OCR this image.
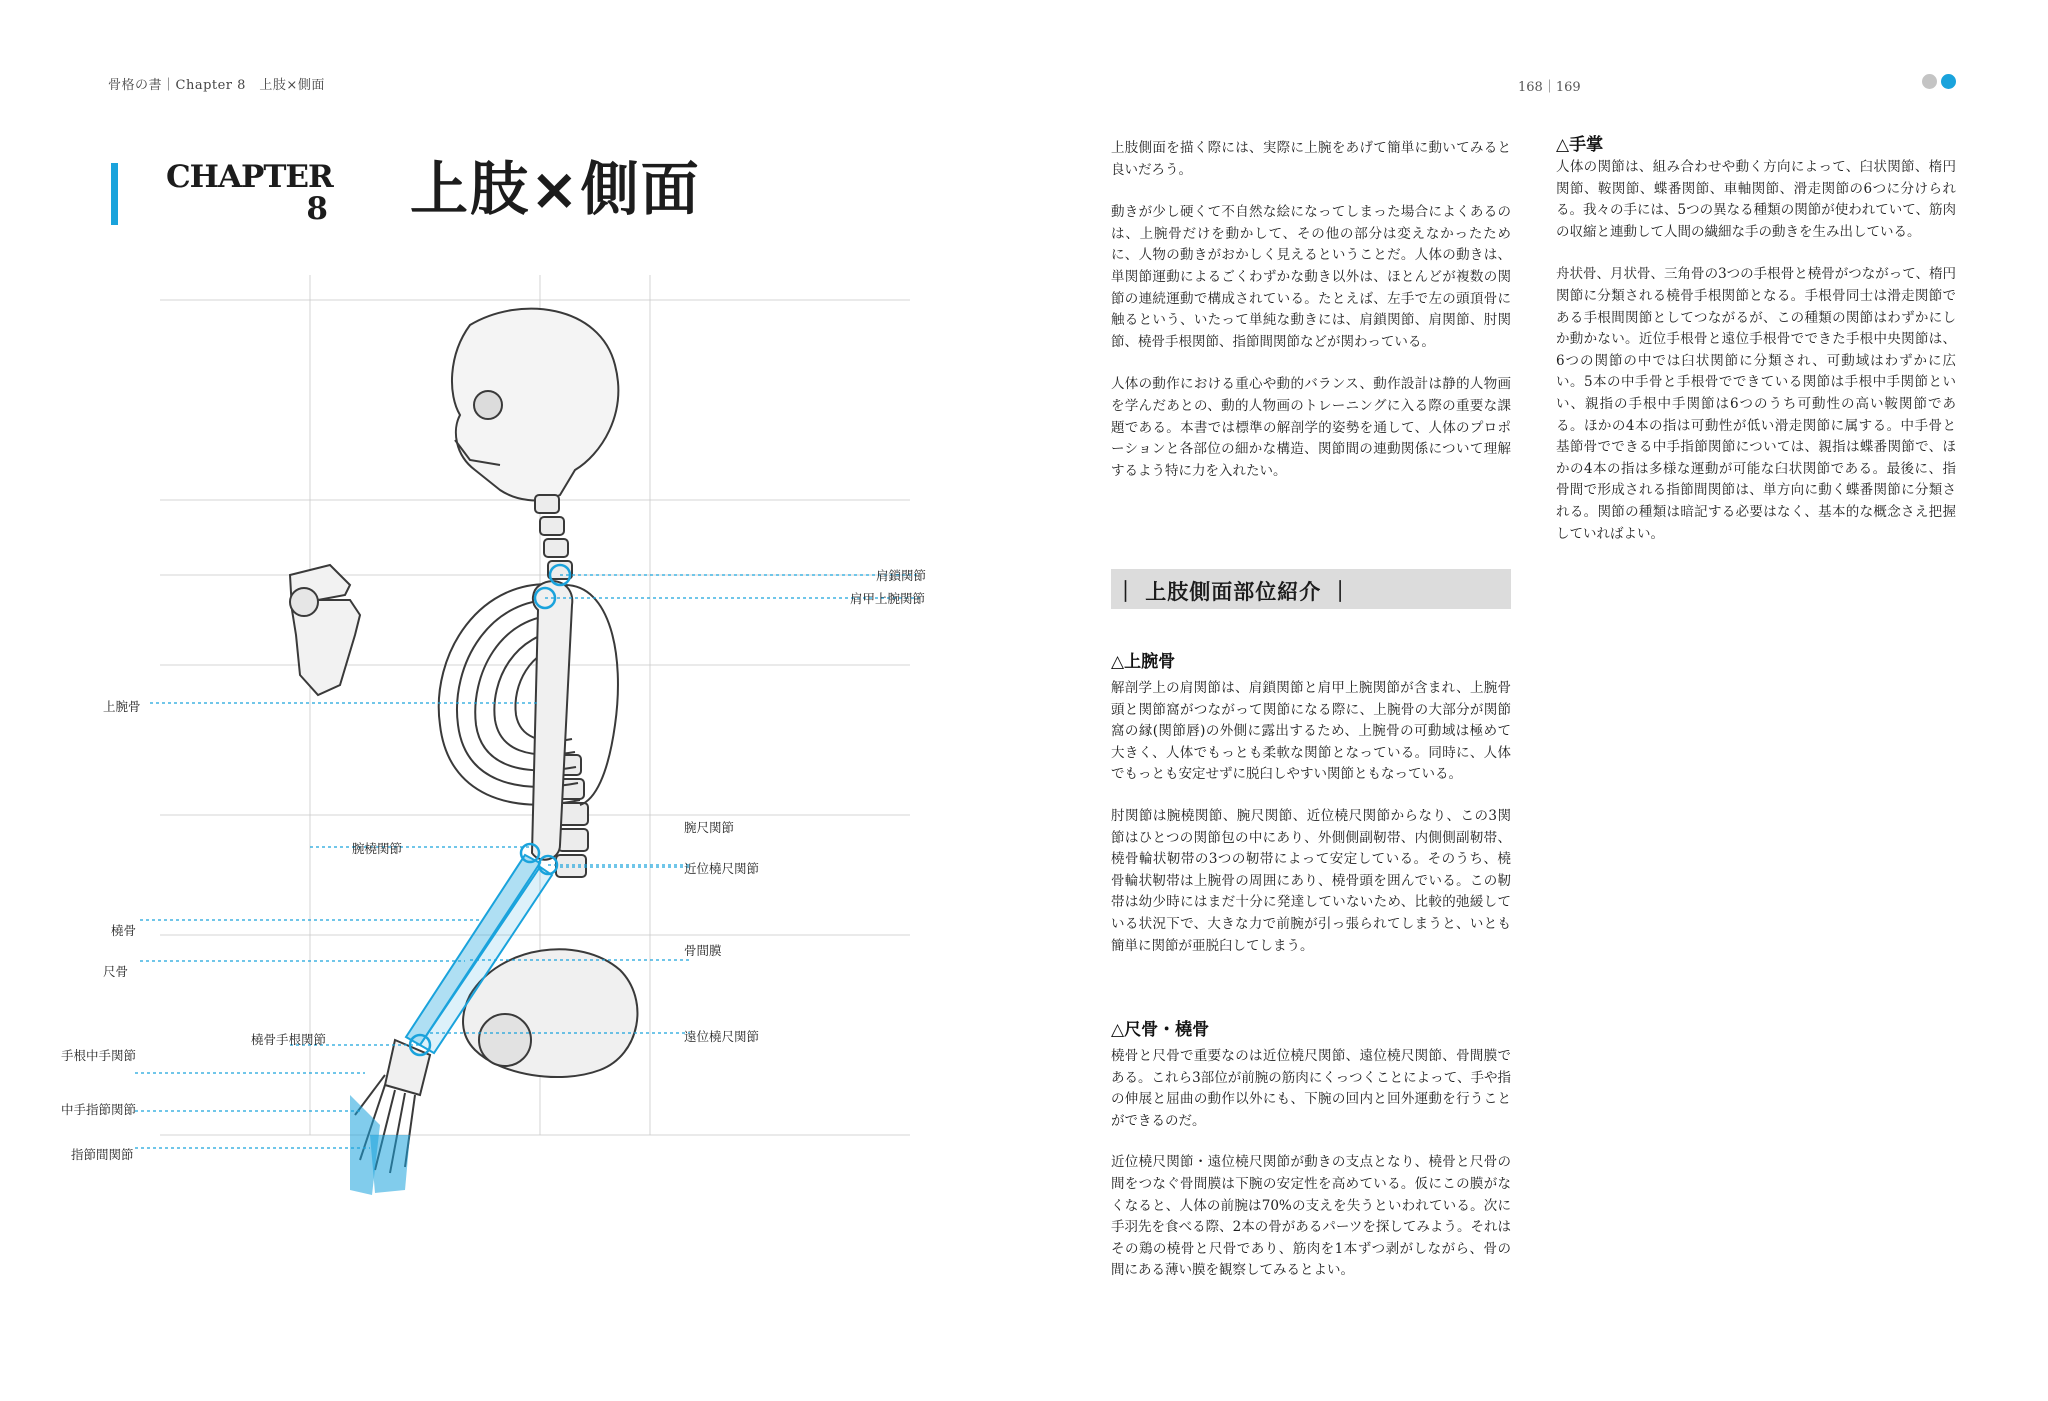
骨格の書｜Chapter 8　上肢×側面	168｜169
CHAPTER
8 上肢×側面
肩鎖関節
肩甲上腕関節
腕尺関節
近位橈尺関節
骨間膜
遠位橈尺関節
上腕骨
腕橈関節
橈骨
尺骨
橈骨手根関節
手根中手関節
中手指節関節
指節間関節

上肢側面を描く際には、実際に上腕をあげて簡単に動いてみると良いだろう。

動きが少し硬くて不自然な絵になってしまった場合によくあるのは、上腕骨だけを動かして、その他の部分は変えなかったために、人物の動きがおかしく見えるということだ。人体の動きは、単関節運動によるごくわずかな動き以外は、ほとんどが複数の関節の連続運動で構成されている。たとえば、左手で左の頭頂骨に触るという、いたって単純な動きには、肩鎖関節、肩関節、肘関節、橈骨手根関節、指節間関節などが関わっている。

人体の動作における重心や動的バランス、動作設計は静的人物画を学んだあとの、動的人物画のトレーニングに入る際の重要な課題である。本書では標準の解剖学的姿勢を通して、人体のプロポーションと各部位の細かな構造、関節間の連動関係について理解するよう特に力を入れたい。

｜ 上肢側面部位紹介 ｜
△上腕骨

解剖学上の肩関節は、肩鎖関節と肩甲上腕関節が含まれ、上腕骨頭と関節窩がつながって関節になる際に、上腕骨の大部分が関節窩の縁(関節唇)の外側に露出するため、上腕骨の可動域は極めて大きく、人体でもっとも柔軟な関節となっている。同時に、人体でもっとも安定せずに脱臼しやすい関節ともなっている。

肘関節は腕橈関節、腕尺関節、近位橈尺関節からなり、この3関節はひとつの関節包の中にあり、外側側副靭帯、内側側副靭帯、橈骨輪状靭帯の3つの靭帯によって安定している。そのうち、橈骨輪状靭帯は上腕骨の周囲にあり、橈骨頭を囲んでいる。この靭帯は幼少時にはまだ十分に発達していないため、比較的弛緩している状況下で、大きな力で前腕が引っ張られてしまうと、いとも簡単に関節が亜脱臼してしまう。

△尺骨・橈骨

橈骨と尺骨で重要なのは近位橈尺関節、遠位橈尺関節、骨間膜である。これら3部位が前腕の筋肉にくっつくことによって、手や指の伸展と屈曲の動作以外にも、下腕の回内と回外運動を行うことができるのだ。

近位橈尺関節・遠位橈尺関節が動きの支点となり、橈骨と尺骨の間をつなぐ骨間膜は下腕の安定性を高めている。仮にこの膜がなくなると、人体の前腕は70%の支えを失うといわれている。次に手羽先を食べる際、2本の骨があるパーツを探してみよう。それはその鶏の橈骨と尺骨であり、筋肉を1本ずつ剥がしながら、骨の間にある薄い膜を観察してみるとよい。

△手掌

人体の関節は、組み合わせや動く方向によって、臼状関節、楕円関節、鞍関節、蝶番関節、車軸関節、滑走関節の6つに分けられる。我々の手には、5つの異なる種類の関節が使われていて、筋肉の収縮と連動して人間の繊細な手の動きを生み出している。

舟状骨、月状骨、三角骨の3つの手根骨と橈骨がつながって、楕円関節に分類される橈骨手根関節となる。手根骨同士は滑走関節である手根間関節としてつながるが、この種類の関節はわずかにしか動かない。近位手根骨と遠位手根骨でできた手根中央関節は、6つの関節の中では臼状関節に分類され、可動域はわずかに広い。5本の中手骨と手根骨でできている関節は手根中手関節といい、親指の手根中手関節は6つのうち可動性の高い鞍関節である。ほかの4本の指は可動性が低い滑走関節に属する。中手骨と基節骨でできる中手指節関節については、親指は蝶番関節で、ほかの4本の指は多様な運動が可能な臼状関節である。最後に、指骨間で形成される指節間関節は、単方向に動く蝶番関節に分類される。関節の種類は暗記する必要はなく、基本的な概念さえ把握していればよい。
